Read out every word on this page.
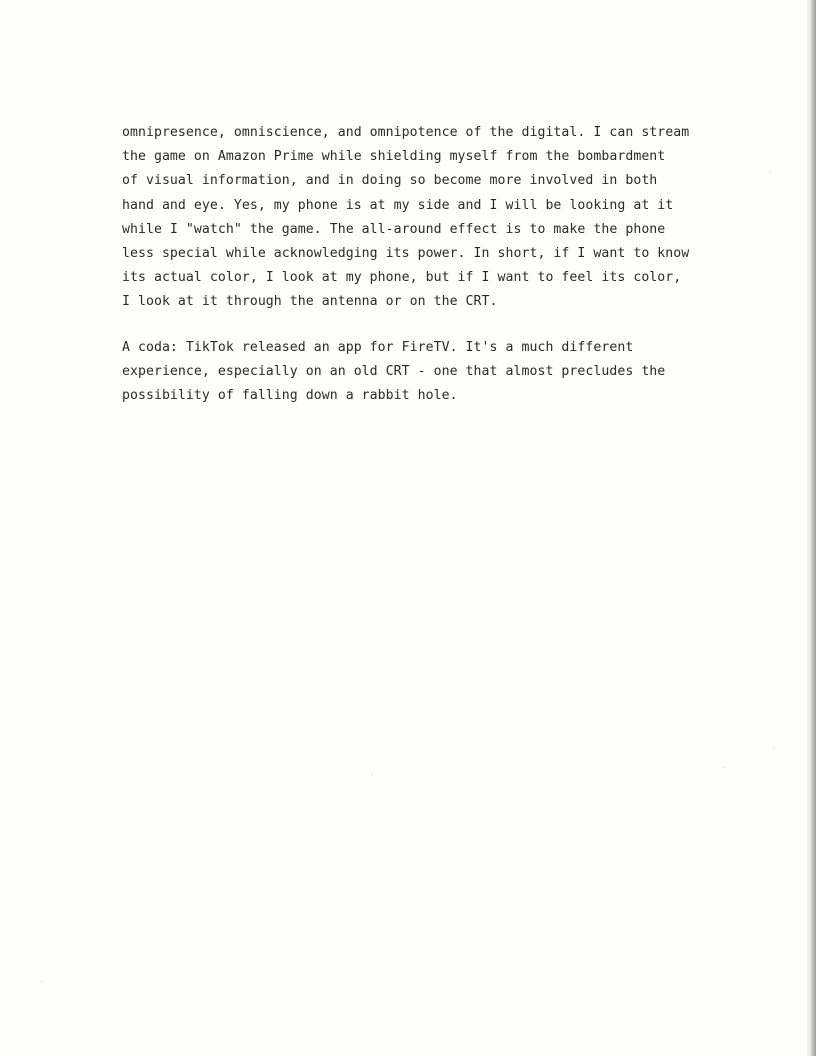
omnipresence, omniscience, and omnipotence of the digital. I can stream
the game on Amazon Prime while shielding myself from the bombardment
of visual information, and in doing so become more involved in both
hand and eye. Yes, my phone is at my side and I will be looking at it
while I "watch" the game. The all-around effect is to make the phone
less special while acknowledging its power. In short, if I want to know
its actual color, I look at my phone, but if I want to feel its color,
I look at it through the antenna or on the CRT.
A coda: TikTok released an app for FireTV. It's a much different
experience, especially on an old CRT - one that almost precludes the
possibility of falling down a rabbit hole.
